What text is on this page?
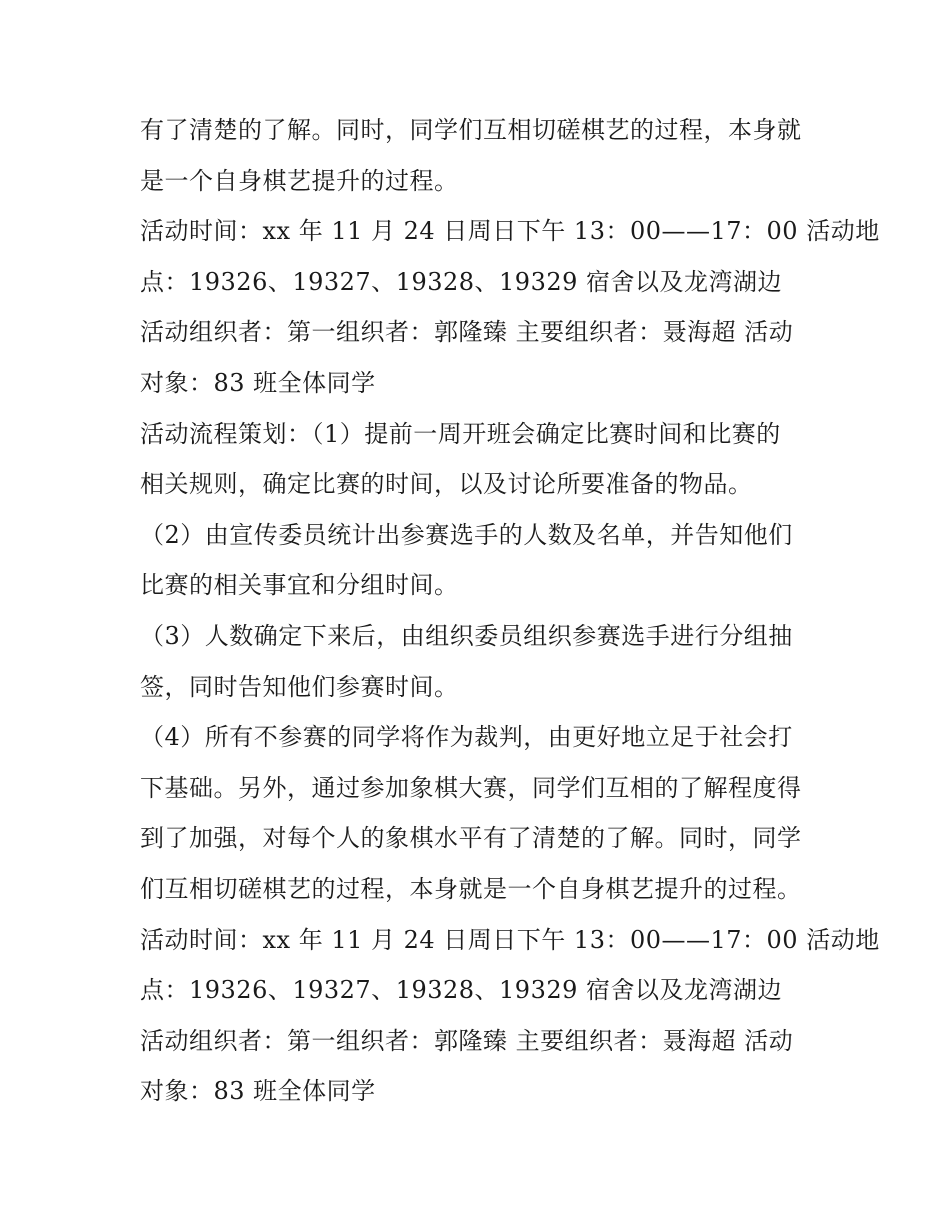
有了清楚的了解。同时，同学们互相切磋棋艺的过程，本身就
是一个自身棋艺提升的过程。
活动时间：xx 年 11 月 24 日周日下午 13：00——17：00 活动地
点：19326、19327、19328、19329 宿舍以及龙湾湖边
活动组织者：第一组织者：郭隆臻 主要组织者：聂海超 活动
对象：83 班全体同学
活动流程策划：（1）提前一周开班会确定比赛时间和比赛的
相关规则，确定比赛的时间，以及讨论所要准备的物品。
（2）由宣传委员统计出参赛选手的人数及名单，并告知他们
比赛的相关事宜和分组时间。
（3）人数确定下来后，由组织委员组织参赛选手进行分组抽
签，同时告知他们参赛时间。
（4）所有不参赛的同学将作为裁判，由更好地立足于社会打
下基础。另外，通过参加象棋大赛，同学们互相的了解程度得
到了加强，对每个人的象棋水平有了清楚的了解。同时，同学
们互相切磋棋艺的过程，本身就是一个自身棋艺提升的过程。
活动时间：xx 年 11 月 24 日周日下午 13：00——17：00 活动地
点：19326、19327、19328、19329 宿舍以及龙湾湖边
活动组织者：第一组织者：郭隆臻 主要组织者：聂海超 活动
对象：83 班全体同学
